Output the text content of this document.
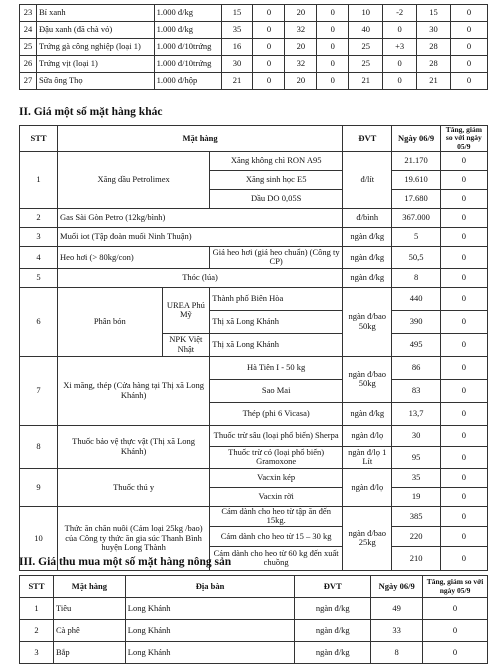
23	Bí xanh	1.000 đ/kg	15	0	20	0	10	-2	15	0
24	Đậu xanh (đã chà vỏ)	1.000 đ/kg	35	0	32	0	40	0	30	0
25	Trứng gà công nghiệp (loại 1)	1.000 đ/10trứng	16	0	20	0	25	+3	28	0
26	Trứng vịt (loại 1)	1.000 đ/10trứng	30	0	32	0	25	0	28	0
27	Sữa ông Thọ	1.000 đ/hộp	21	0	20	0	21	0	21	0
II. Giá một số mặt hàng khác
STT	Mặt hàng			ĐVT	Ngày 06/9	Tăng, giảm so với ngày 05/9
1	Xăng dầu Petrolimex		Xăng không chì RON A95	đ/lít	21.170	0
			Xăng sinh học E5		19.610	0
			Dầu DO 0,05S		17.680	0
2	Gas Sài Gòn Petro (12kg/bình)			đ/bình	367.000	0
3	Muối iot (Tập đoàn muối Ninh Thuận)			ngàn đ/kg	5	0
4	Heo hơi (> 80kg/con)		Giá heo hơi (giá heo chuẩn) (Công ty CP)	ngàn đ/kg	50,5	0
5	Thóc (lúa)			ngàn đ/kg	8	0
6	Phân bón	UREA Phú Mỹ	Thành phố Biên Hòa	ngàn đ/bao 50kg	440	0
			Thị xã Long Khánh		390	0
		NPK Việt Nhật	Thị xã Long Khánh		495	0
7	Xi măng, thép (Cửa hàng tại Thị xã Long Khánh)		Hà Tiên I - 50 kg	ngàn đ/bao 50kg	86	0
			Sao Mai		83	0
			Thép (phi 6 Vicasa)	ngàn đ/kg	13,7	0
8	Thuốc bảo vệ thực vật (Thị xã Long Khánh)		Thuốc trừ sâu (loại phổ biến) Sherpa	ngàn đ/lọ	30	0
			Thuốc trừ cỏ (loại phổ biến) Gramoxone	ngàn đ/lọ 1 Lít	95	0
9	Thuốc thú y		Vacxin kép	ngàn đ/lọ	35	0
			Vacxin rời		19	0
10	Thức ăn chăn nuôi (Cám loại 25kg /bao) của Công ty thức ăn gia súc Thanh Bình huyện Long Thành		Cám dành cho heo từ tập ăn đến 15kg.	ngàn đ/bao 25kg	385	0
			Cám dành cho heo từ 15 – 30 kg		220	0
			Cám dành cho heo từ 60 kg đến xuất chuồng		210	0
III. Giá thu mua một số mặt hàng nông sản
STT	Mặt hàng	Địa bàn	ĐVT	Ngày 06/9	Tăng, giảm so với ngày 05/9
1	Tiêu	Long Khánh	ngàn đ/kg	49	0
2	Cà phê	Long Khánh	ngàn đ/kg	33	0
3	Bắp	Long Khánh	ngàn đ/kg	8	0
